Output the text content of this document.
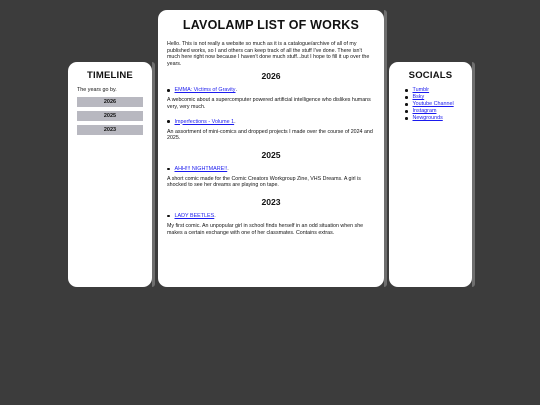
TIMELINE
The years go by.
2026
2025
2023
LAVOLAMP LIST OF WORKS
Hello. This is not really a website so much as it is a catalogue/archive of all of my published works, so I and others can keep track of all the stuff I've done. There isn't much here right now because I haven't done much stuff...but I hope to fill it up over the years.
2026
EMMA: Victims of Gravity .
A webcomic about a supercomputer powered artificial intelligence who dislikes humans very, very much.
Imperfections - Volume 1 .
An assortment of mini-comics and dropped projects I made over the course of 2024 and 2025.
2025
AHH!!! NIGHTMARE!! .
A short comic made for the Comic Creators Workgroup Zine, VHS Dreams. A girl is shocked to see her dreams are playing on tape.
2023
LADY BEETLES .
My first comic. An unpopular girl in school finds herself in an odd situation when she makes a certain exchange with one of her classmates. Contains extras.
SOCIALS
Tumblr
Bsky
Youtube Channel
Instagram
Newgrounds
